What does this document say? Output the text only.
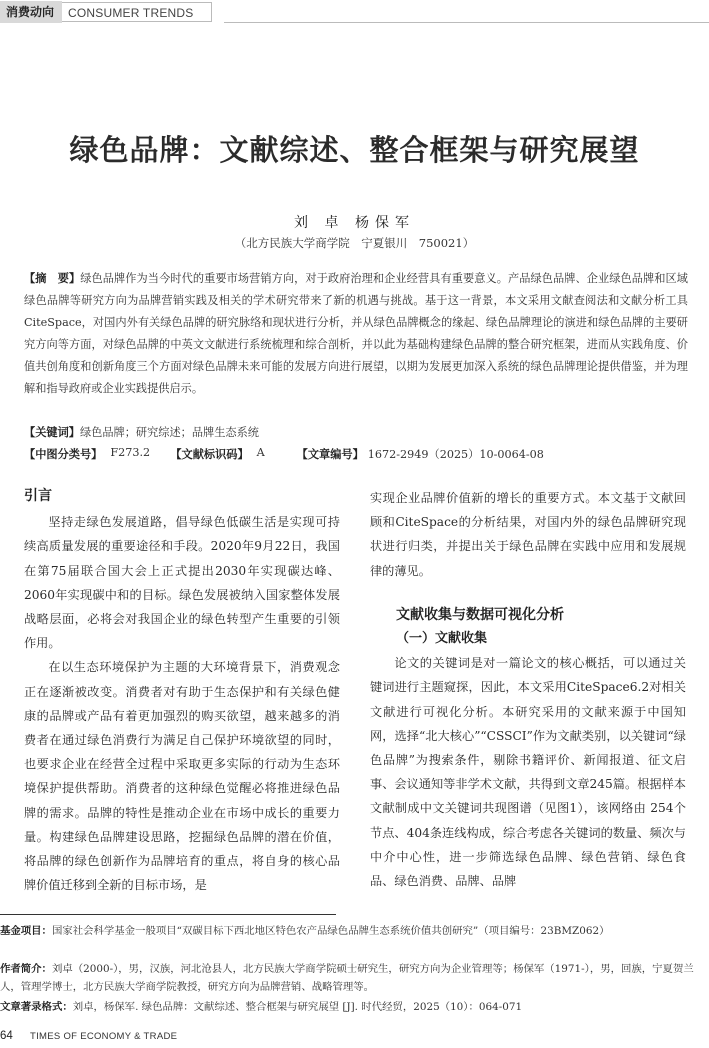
消费动向	CONSUMER TRENDS
绿色品牌：文献综述、整合框架与研究展望
刘 卓 杨保军
（北方民族大学商学院　宁夏银川　750021）
【摘　要】绿色品牌作为当今时代的重要市场营销方向，对于政府治理和企业经营具有重要意义。产品绿色品牌、企业绿色品牌和区域绿色品牌等研究方向为品牌营销实践及相关的学术研究带来了新的机遇与挑战。基于这一背景，本文采用文献查阅法和文献分析工具CiteSpace，对国内外有关绿色品牌的研究脉络和现状进行分析，并从绿色品牌概念的缘起、绿色品牌理论的演进和绿色品牌的主要研究方向等方面，对绿色品牌的中英文文献进行系统梳理和综合剖析，并以此为基础构建绿色品牌的整合研究框架，进而从实践角度、价值共创角度和创新角度三个方面对绿色品牌未来可能的发展方向进行展望，以期为发展更加深入系统的绿色品牌理论提供借鉴，并为理解和指导政府或企业实践提供启示。
【关键词】绿色品牌；研究综述；品牌生态系统
【中图分类号】 F273.2	【文献标识码】 A	【文章编号】 1672-2949（2025）10-0064-08
引言

坚持走绿色发展道路，倡导绿色低碳生活是实现可持续高质量发展的重要途径和手段。2020年9月22日，我国在第75届联合国大会上正式提出2030年实现碳达峰、2060年实现碳中和的目标。绿色发展被纳入国家整体发展战略层面，必将会对我国企业的绿色转型产生重要的引领作用。

在以生态环境保护为主题的大环境背景下，消费观念正在逐渐被改变。消费者对有助于生态保护和有关绿色健康的品牌或产品有着更加强烈的购买欲望，越来越多的消费者在通过绿色消费行为满足自己保护环境欲望的同时，也要求企业在经营全过程中采取更多实际的行动为生态环境保护提供帮助。消费者的这种绿色觉醒必将推进绿色品牌的需求。品牌的特性是推动企业在市场中成长的重要力量。构建绿色品牌建设思路，挖掘绿色品牌的潜在价值，将品牌的绿色创新作为品牌培育的重点，将自身的核心品牌价值迁移到全新的目标市场，是

实现企业品牌价值新的增长的重要方式。本文基于文献回顾和CiteSpace的分析结果，对国内外的绿色品牌研究现状进行归类，并提出关于绿色品牌在实践中应用和发展规律的薄见。

文献收集与数据可视化分析
（一）文献收集

论文的关键词是对一篇论文的核心概括，可以通过关键词进行主题窥探，因此，本文采用CiteSpace6.2对相关文献进行可视化分析。本研究采用的文献来源于中国知网，选择“北大核心”“CSSCI”作为文献类别，以关键词“绿色品牌”为搜索条件，剔除书籍评价、新闻报道、征文启事、会议通知等非学术文献，共得到文章245篇。根据样本文献制成中文关键词共现图谱（见图1），该网络由 254个节点、404条连线构成，综合考虑各关键词的数量、频次与中介中心性，进一步筛选绿色品牌、绿色营销、绿色食品、绿色消费、品牌、品牌

基金项目：国家社会科学基金一般项目“双碳目标下西北地区特色农产品绿色品牌生态系统价值共创研究”（项目编号：23BMZ062）
作者简介：刘卓（2000-），男，汉族，河北沧县人，北方民族大学商学院硕士研究生，研究方向为企业管理等；杨保军（1971-），男，回族，宁夏贺兰人，管理学博士，北方民族大学商学院教授，研究方向为品牌营销、战略管理等。
文章著录格式：刘卓，杨保军. 绿色品牌：文献综述、整合框架与研究展望 [J]. 时代经贸，2025（10）：064-071
64 TIMES OF ECONOMY & TRADE
